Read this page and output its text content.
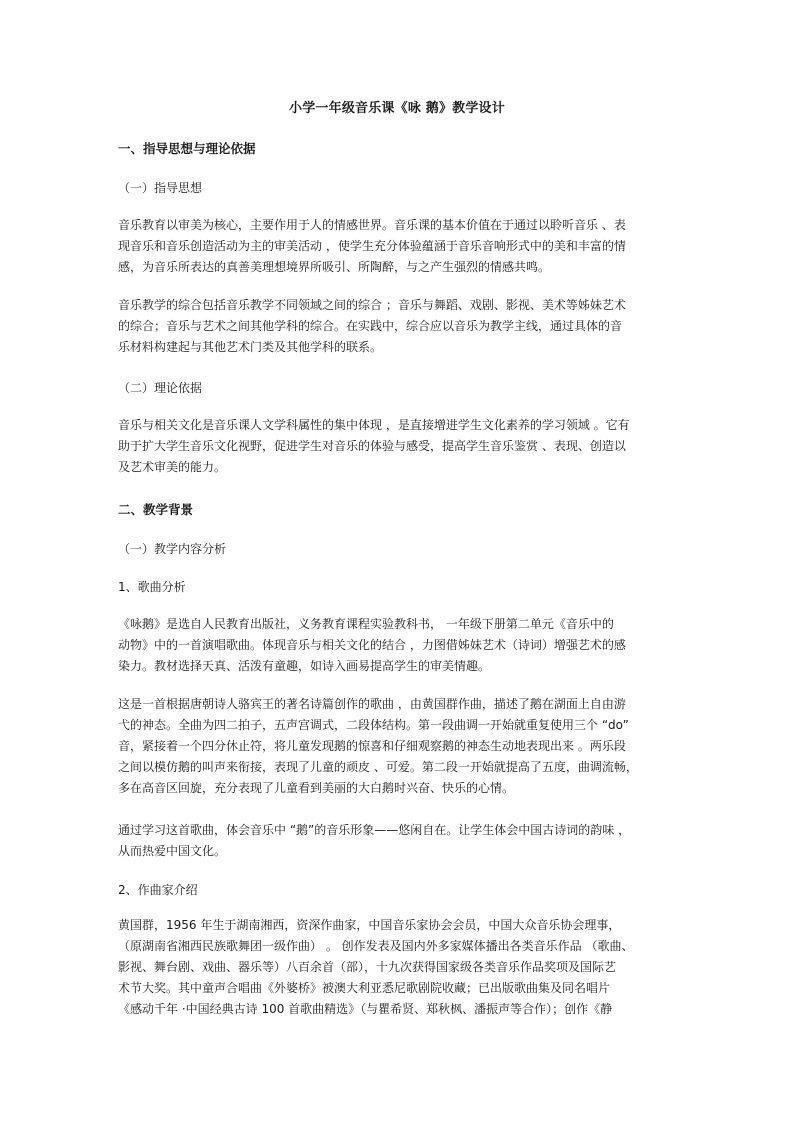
小学一年级音乐课《咏 鹅》教学设计
一、指导思想与理论依据
（一）指导思想
音乐教育以审美为核心，主要作用于人的情感世界。音乐课的基本价值在于通过以聆听音乐 、表
现音乐和音乐创造活动为主的审美活动 ，使学生充分体验蕴涵于音乐音响形式中的美和丰富的情
感，为音乐所表达的真善美理想境界所吸引、所陶醉，与之产生强烈的情感共鸣。
音乐教学的综合包括音乐教学不同领域之间的综合 ；音乐与舞蹈、戏剧、影视、美术等姊妹艺术
的综合；音乐与艺术之间其他学科的综合。在实践中，综合应以音乐为教学主线，通过具体的音
乐材料构建起与其他艺术门类及其他学科的联系。
（二）理论依据
音乐与相关文化是音乐课人文学科属性的集中体现 ，是直接增进学生文化素养的学习领域 。它有
助于扩大学生音乐文化视野，促进学生对音乐的体验与感受，提高学生音乐鉴赏 、表现、创造以
及艺术审美的能力。
二、教学背景
（一）教学内容分析
1、歌曲分析
《咏鹅》是选自人民教育出版社，义务教育课程实验教科书， 一年级下册第二单元《音乐中的
动物》中的一首演唱歌曲。体现音乐与相关文化的结合 ，力图借姊妹艺术（诗词）增强艺术的感
染力。教材选择天真、活泼有童趣，如诗入画易提高学生的审美情趣。
这是一首根据唐朝诗人骆宾王的著名诗篇创作的歌曲 ，由黄国群作曲，描述了鹅在湖面上自由游
弋的神态。全曲为四二拍子，五声宫调式，二段体结构。第一段曲调一开始就重复使用三个 “do”
音，紧接着一个四分休止符，将儿童发现鹅的惊喜和仔细观察鹅的神态生动地表现出来 。两乐段
之间以模仿鹅的叫声来衔接，表现了儿童的顽皮 、可爱。第二段一开始就提高了五度，曲调流畅，
多在高音区回旋，充分表现了儿童看到美丽的大白鹅时兴奋、快乐的心情。
通过学习这首歌曲，体会音乐中 “鹅”的音乐形象——悠闲自在。让学生体会中国古诗词的韵味 ，
从而热爱中国文化。
2、作曲家介绍
黄国群，1956 年生于湖南湘西，资深作曲家，中国音乐家协会会员，中国大众音乐协会理事，
（原湖南省湘西民族歌舞团一级作曲） 。 创作发表及国内外多家媒体播出各类音乐作品 （歌曲、
影视、舞台剧、戏曲、器乐等）八百余首（部），十九次获得国家级各类音乐作品奖项及国际艺
术节大奖。其中童声合唱曲《外婆桥》被澳大利亚悉尼歌剧院收藏；已出版歌曲集及同名唱片
《感动千年 ·中国经典古诗 100 首歌曲精选》（与瞿希贤、郑秋枫、潘振声等合作）；创作《静
